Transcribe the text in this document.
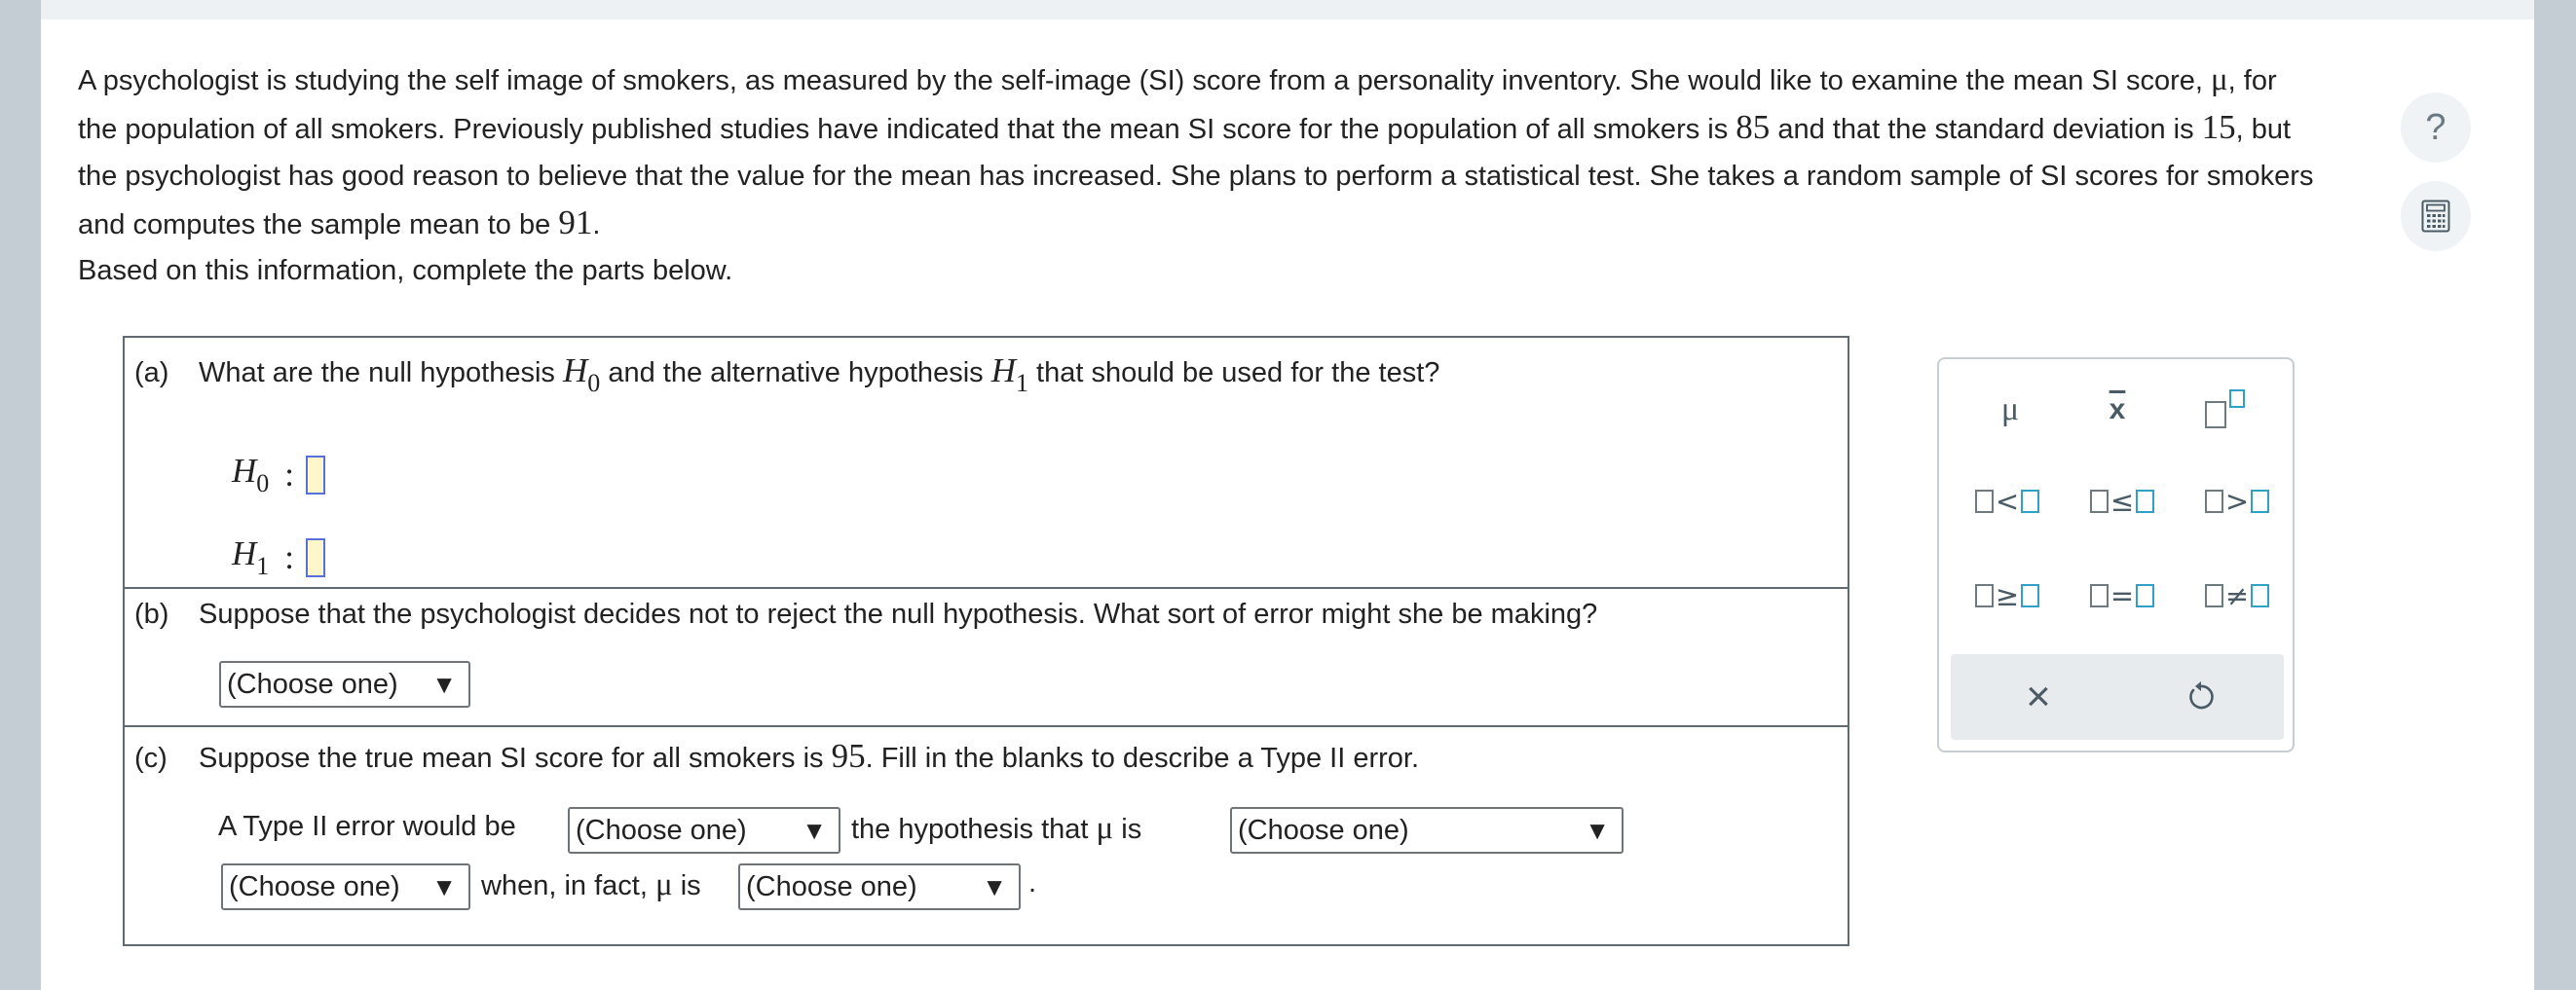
A psychologist is studying the self image of smokers, as measured by the self-image (SI) score from a personality inventory. She would like to examine the mean SI score, μ, for the population of all smokers. Previously published studies have indicated that the mean SI score for the population of all smokers is 85 and that the standard deviation is 15, but the psychologist has good reason to believe that the value for the mean has increased. She plans to perform a statistical test. She takes a random sample of SI scores for smokers and computes the sample mean to be 91.
Based on this information, complete the parts below.
(a) What are the null hypothesis $H_0$ and the alternative hypothesis $H_1$ that should be used for the test?
$H_0$ :
$H_1$ :
(b) Suppose that the psychologist decides not to reject the null hypothesis. What sort of error might she be making?
(Choose one) ▼
(c) Suppose the true mean SI score for all smokers is 95. Fill in the blanks to describe a Type II error.
A Type II error would be (Choose one) ▼ the hypothesis that μ is	(Choose one)	▼
(Choose one) ▼ when, in fact, μ is (Choose one)	▼ .
μ	$\overline{x}$
<	≤	>
≥	=	≠
×
?
